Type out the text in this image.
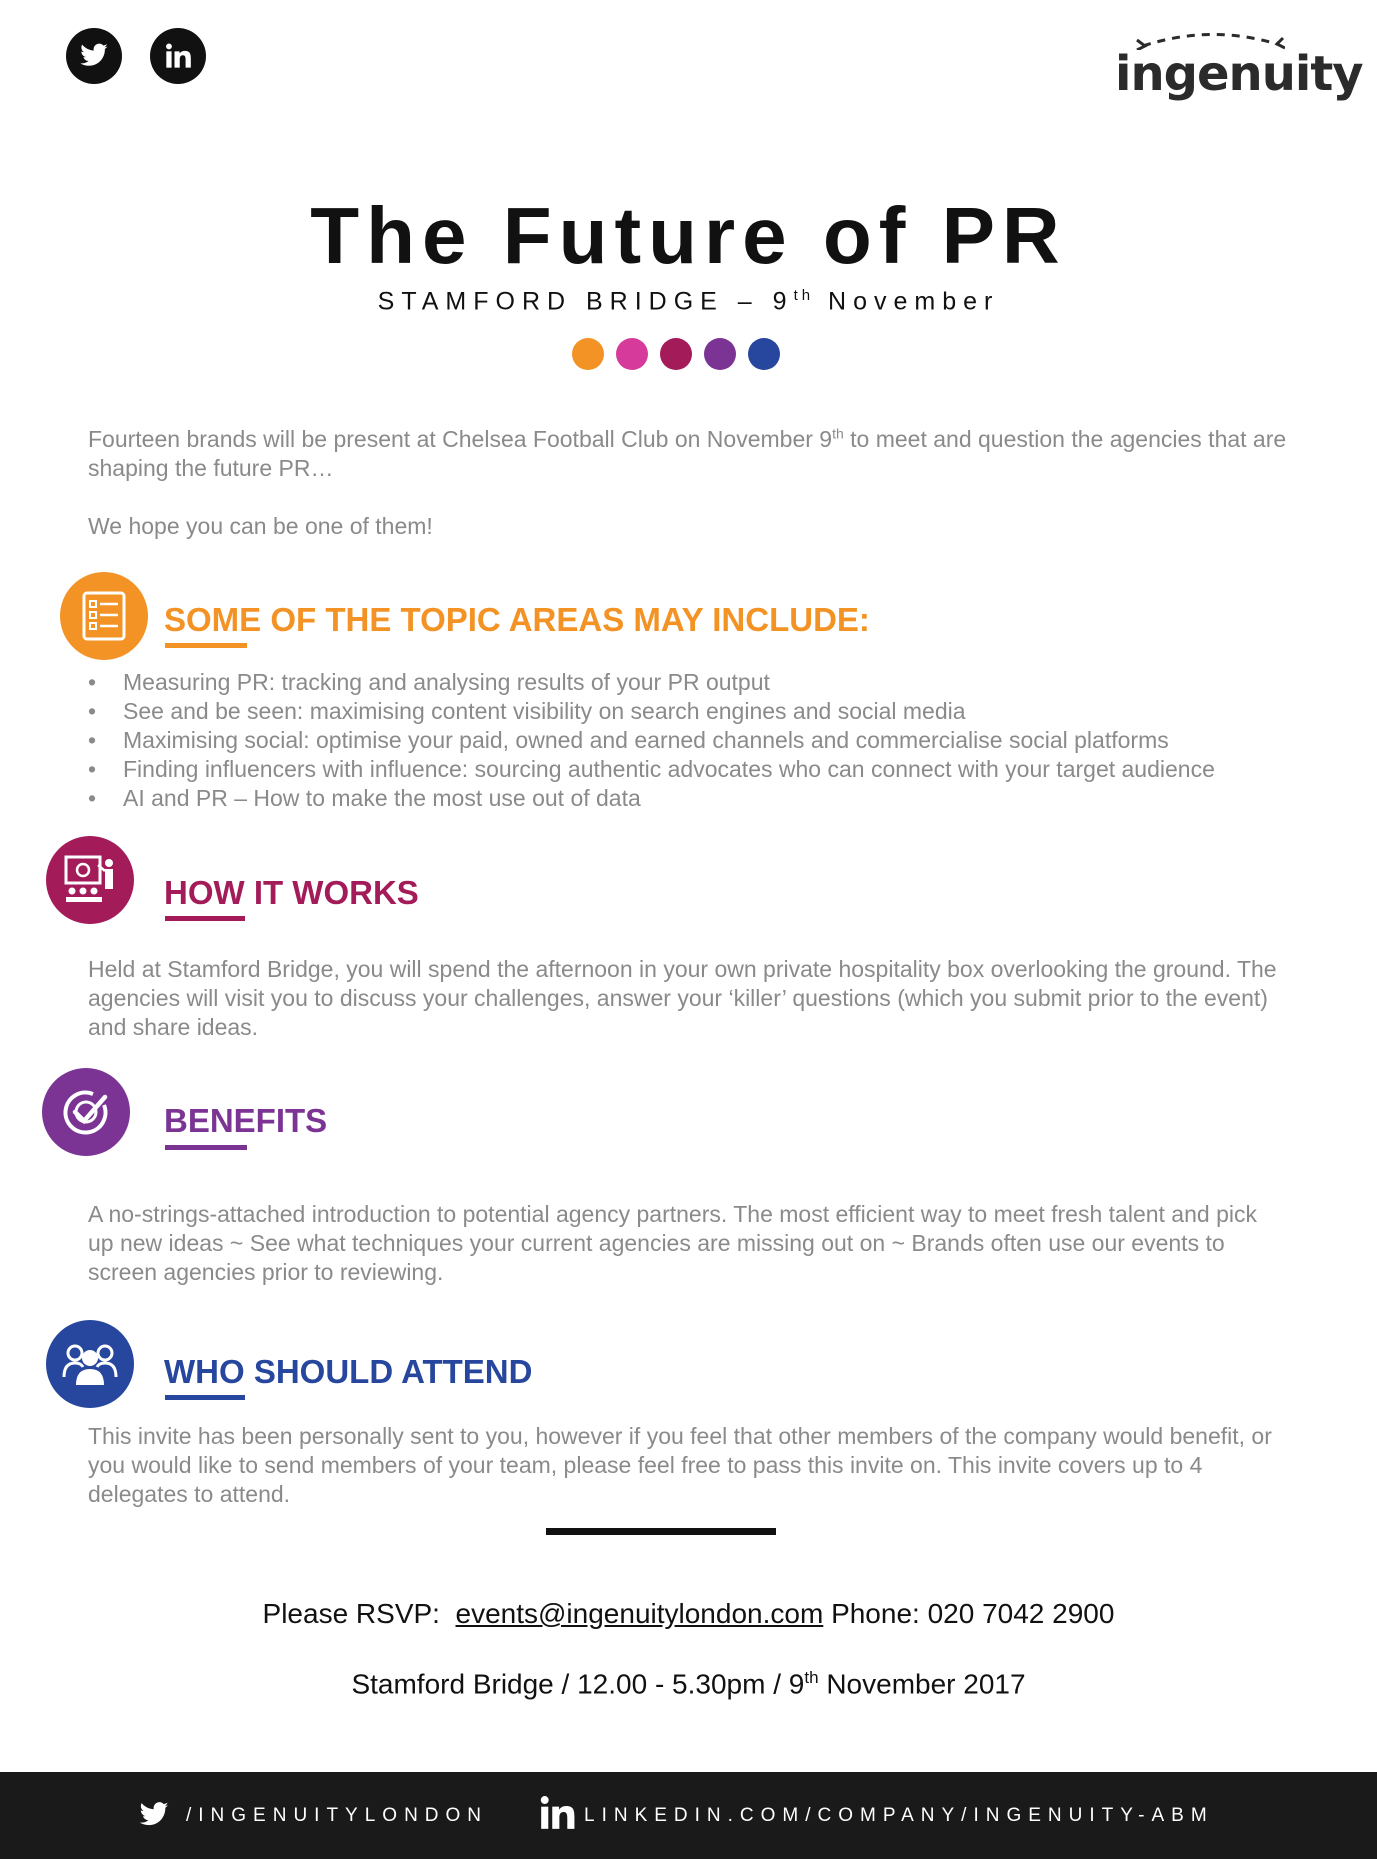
ingenuity
The Future of PR
STAMFORD BRIDGE – 9th November
Fourteen brands will be present at Chelsea Football Club on November 9th to meet and question the agencies that are shaping the future PR…
We hope you can be one of them!
SOME OF THE TOPIC AREAS MAY INCLUDE:
• Measuring PR: tracking and analysing results of your PR output
• See and be seen: maximising content visibility on search engines and social media
• Maximising social: optimise your paid, owned and earned channels and commercialise social platforms
• Finding influencers with influence: sourcing authentic advocates who can connect with your target audience
• AI and PR – How to make the most use out of data
HOW IT WORKS
Held at Stamford Bridge, you will spend the afternoon in your own private hospitality box overlooking the ground. The agencies will visit you to discuss your challenges, answer your ‘killer’ questions (which you submit prior to the event) and share ideas.
BENEFITS
A no-strings-attached introduction to potential agency partners. The most efficient way to meet fresh talent and pick up new ideas ~ See what techniques your current agencies are missing out on ~ Brands often use our events to screen agencies prior to reviewing.
WHO SHOULD ATTEND
This invite has been personally sent to you, however if you feel that other members of the company would benefit, or you would like to send members of your team, please feel free to pass this invite on. This invite covers up to 4 delegates to attend.
Please RSVP: events@ingenuitylondon.com Phone: 020 7042 2900
Stamford Bridge / 12.00 - 5.30pm / 9th November 2017
/INGENUITYLONDON	LINKEDIN.COM/COMPANY/INGENUITY-ABM
